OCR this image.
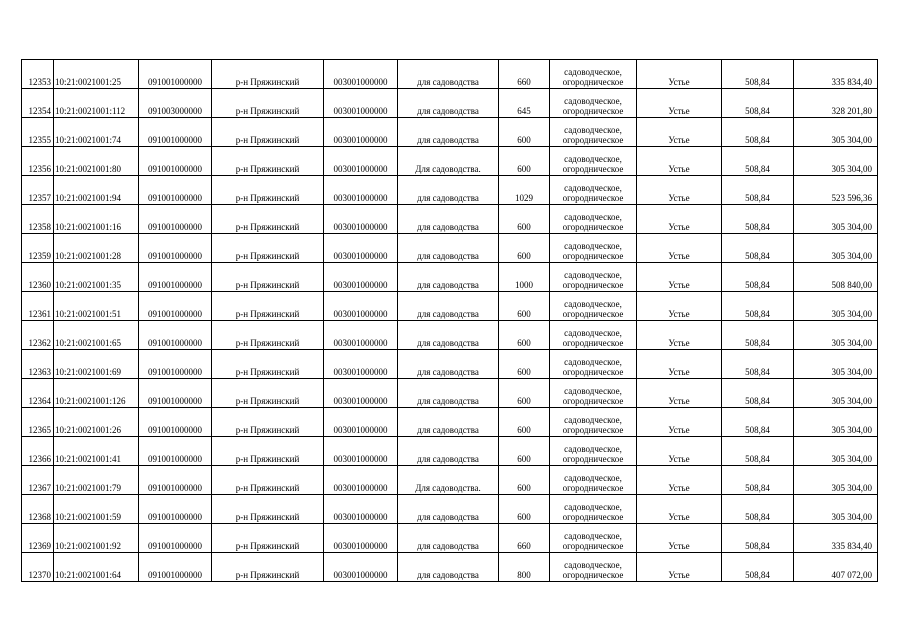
12353	10:21:0021001:25	091001000000	р-н Пряжинский	003001000000	для садоводства	660	садоводческое,
огородническое	Устье	508,84	335 834,40
12354	10:21:0021001:112	091003000000	р-н Пряжинский	003001000000	для садоводства	645	садоводческое,
огородническое	Устье	508,84	328 201,80
12355	10:21:0021001:74	091001000000	р-н Пряжинский	003001000000	для садоводства	600	садоводческое,
огородническое	Устье	508,84	305 304,00
12356	10:21:0021001:80	091001000000	р-н Пряжинский	003001000000	Для садоводства.	600	садоводческое,
огородническое	Устье	508,84	305 304,00
12357	10:21:0021001:94	091001000000	р-н Пряжинский	003001000000	для садоводства	1029	садоводческое,
огородническое	Устье	508,84	523 596,36
12358	10:21:0021001:16	091001000000	р-н Пряжинский	003001000000	для садоводства	600	садоводческое,
огородническое	Устье	508,84	305 304,00
12359	10:21:0021001:28	091001000000	р-н Пряжинский	003001000000	для садоводства	600	садоводческое,
огородническое	Устье	508,84	305 304,00
12360	10:21:0021001:35	091001000000	р-н Пряжинский	003001000000	для садоводства	1000	садоводческое,
огородническое	Устье	508,84	508 840,00
12361	10:21:0021001:51	091001000000	р-н Пряжинский	003001000000	для садоводства	600	садоводческое,
огородническое	Устье	508,84	305 304,00
12362	10:21:0021001:65	091001000000	р-н Пряжинский	003001000000	для садоводства	600	садоводческое,
огородническое	Устье	508,84	305 304,00
12363	10:21:0021001:69	091001000000	р-н Пряжинский	003001000000	для садоводства	600	садоводческое,
огородническое	Устье	508,84	305 304,00
12364	10:21:0021001:126	091001000000	р-н Пряжинский	003001000000	для садоводства	600	садоводческое,
огородническое	Устье	508,84	305 304,00
12365	10:21:0021001:26	091001000000	р-н Пряжинский	003001000000	для садоводства	600	садоводческое,
огородническое	Устье	508,84	305 304,00
12366	10:21:0021001:41	091001000000	р-н Пряжинский	003001000000	для садоводства	600	садоводческое,
огородническое	Устье	508,84	305 304,00
12367	10:21:0021001:79	091001000000	р-н Пряжинский	003001000000	Для садоводства.	600	садоводческое,
огородническое	Устье	508,84	305 304,00
12368	10:21:0021001:59	091001000000	р-н Пряжинский	003001000000	для садоводства	600	садоводческое,
огородническое	Устье	508,84	305 304,00
12369	10:21:0021001:92	091001000000	р-н Пряжинский	003001000000	для садоводства	660	садоводческое,
огородническое	Устье	508,84	335 834,40
12370	10:21:0021001:64	091001000000	р-н Пряжинский	003001000000	для садоводства	800	садоводческое,
огородническое	Устье	508,84	407 072,00
